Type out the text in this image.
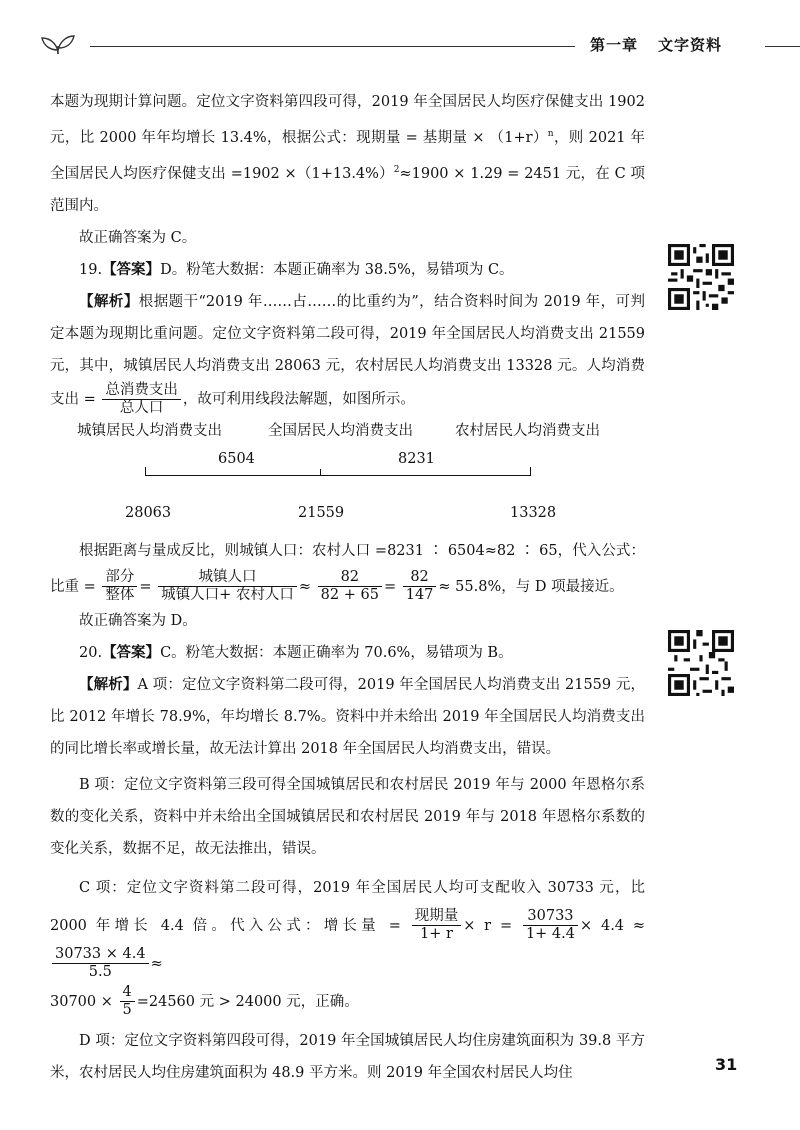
第一章 文字资料

本题为现期计算问题。定位文字资料第四段可得，2019 年全国居民人均医疗保健支出 1902 元，比 2000 年年均增长 13.4%，根据公式：现期量 = 基期量 × $(1+r)^n$，则 2021 年全国居民人均医疗保健支出 $=1902 \times(1+13.4\%)^2\approx 1900 \times 1.29 = 2451$ 元，在 C 项范围内。

故正确答案为 C。

19.【答案】D。粉笔大数据：本题正确率为 38.5%，易错项为 C。

【解析】根据题干“2019 年……占……的比重约为”，结合资料时间为 2019 年，可判定本题为现期比重问题。定位文字资料第二段可得，2019 年全国居民人均消费支出 21559 元，其中，城镇居民人均消费支出 28063 元，农村居民人均消费支出 13328 元。人均消费支出 = $\frac{\text{总消费支出}}{\text{总人口}}$ ，故可利用线段法解题，如图所示。

城镇居民人均消费支出	全国居民人均消费支出	农村居民人均消费支出
6504	8231
28063	21559	13328

根据距离与量成反比，则城镇人口：农村人口 =8231 ∶ 6504≈82 ∶ 65，代入公式：比重 = $\frac{\text{部分}}{\text{整体}} = \frac{\text{城镇人口}}{\text{城镇人口+ 农村人口}} \approx \frac{82}{82 + 65} = \frac{82}{147} \approx 55.8\%$，与 D 项最接近。

故正确答案为 D。

20.【答案】C。粉笔大数据：本题正确率为 70.6%，易错项为 B。

【解析】A 项：定位文字资料第二段可得，2019 年全国居民人均消费支出 21559 元，比 2012 年增长 78.9%，年均增长 8.7%。资料中并未给出 2019 年全国居民人均消费支出的同比增长率或增长量，故无法计算出 2018 年全国居民人均消费支出，错误。

B 项：定位文字资料第三段可得全国城镇居民和农村居民 2019 年与 2000 年恩格尔系数的变化关系，资料中并未给出全国城镇居民和农村居民 2019 年与 2018 年恩格尔系数的变化关系，数据不足，故无法推出，错误。

C 项：定位文字资料第二段可得，2019 年全国居民人均可支配收入 30733 元，比 2000 年增长 4.4 倍。代入公式：增长量 = $\frac{\text{现期量}}{1+ r} \times r = \frac{30733}{1+ 4.4} \times 4.4$ ≈
$\frac{30733 \times 4.4}{5.5}$ ≈
$30700 \times \frac{4}{5} =24560$ 元 > 24000 元，正确。

D 项：定位文字资料第四段可得，2019 年全国城镇居民人均住房建筑面积为 39.8 平方米，农村居民人均住房建筑面积为 48.9 平方米。则 2019 年全国农村居民人均住	31
